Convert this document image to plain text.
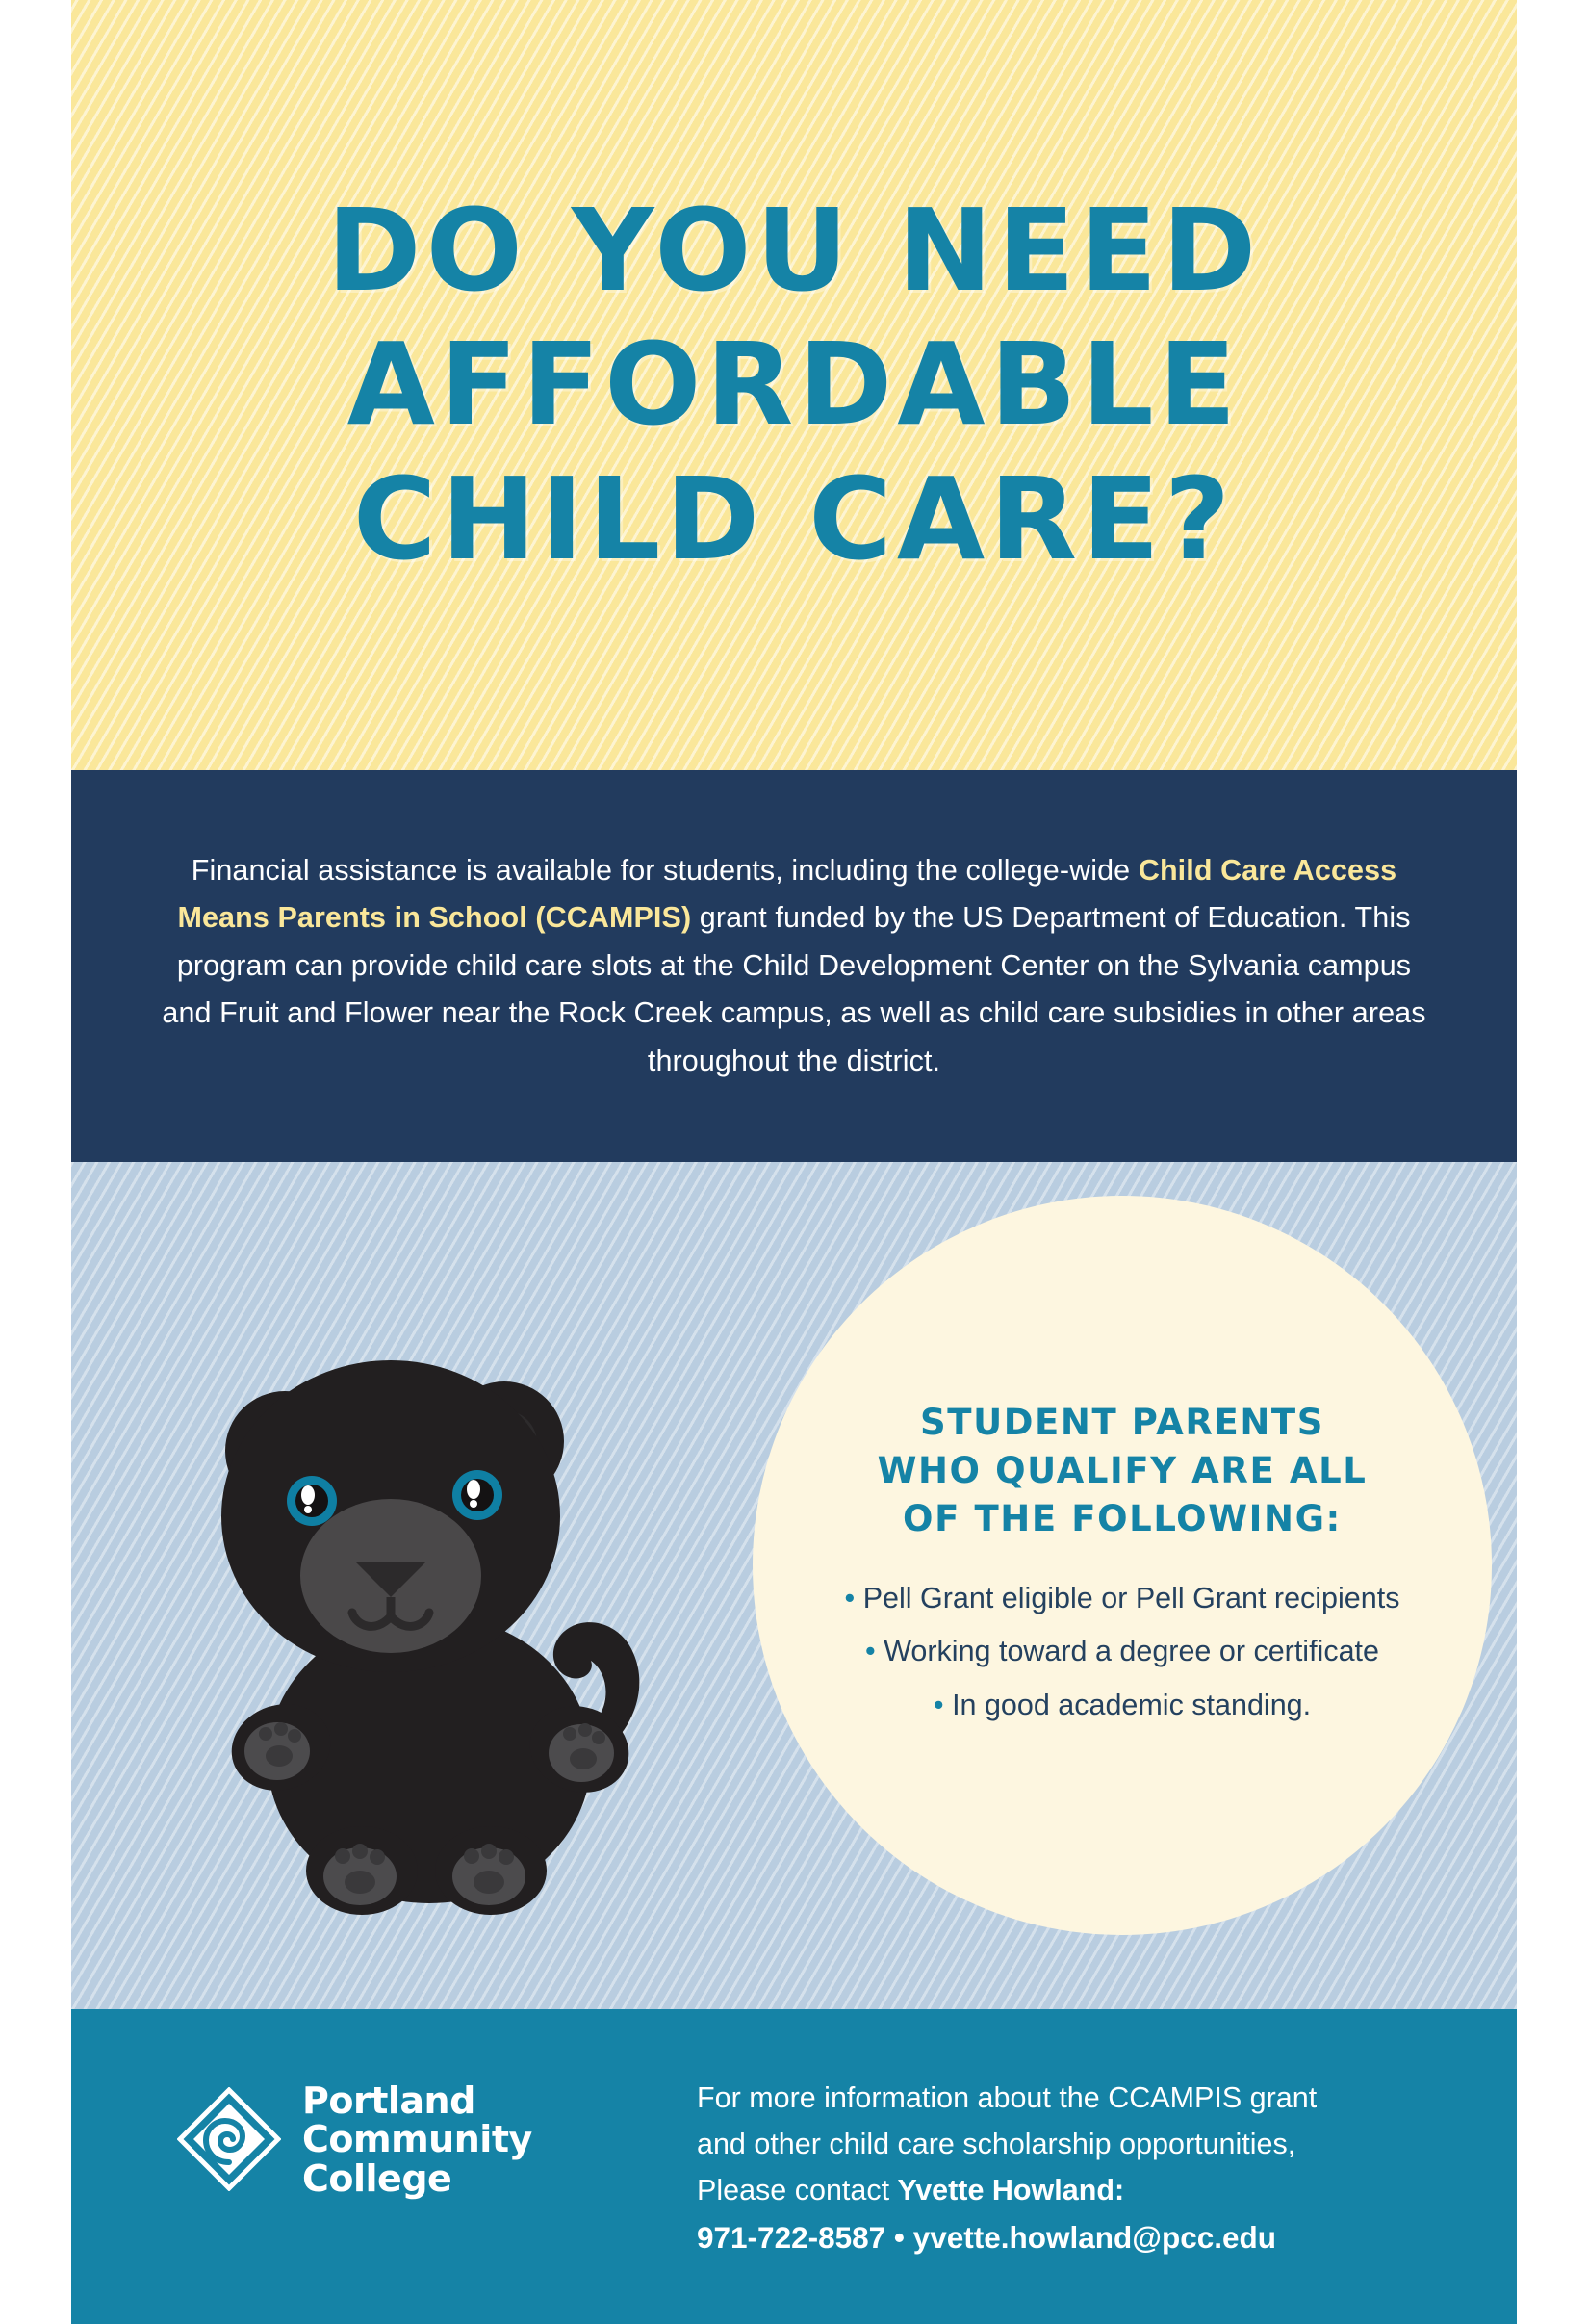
DO YOU NEED
AFFORDABLE
CHILD CARE?
Financial assistance is available for students, including the college-wide Child Care Access Means Parents in School (CCAMPIS) grant funded by the US Department of Education. This program can provide child care slots at the Child Development Center on the Sylvania campus and Fruit and Flower near the Rock Creek campus, as well as child care subsidies in other areas throughout the district.
STUDENT PARENTS
WHO QUALIFY ARE ALL
OF THE FOLLOWING:
• Pell Grant eligible or Pell Grant recipients
• Working toward a degree or certificate
• In good academic standing.
Portland
Community
College
For more information about the CCAMPIS grant
and other child care scholarship opportunities,
Please contact Yvette Howland:
971-722-8587 • yvette.howland@pcc.edu
